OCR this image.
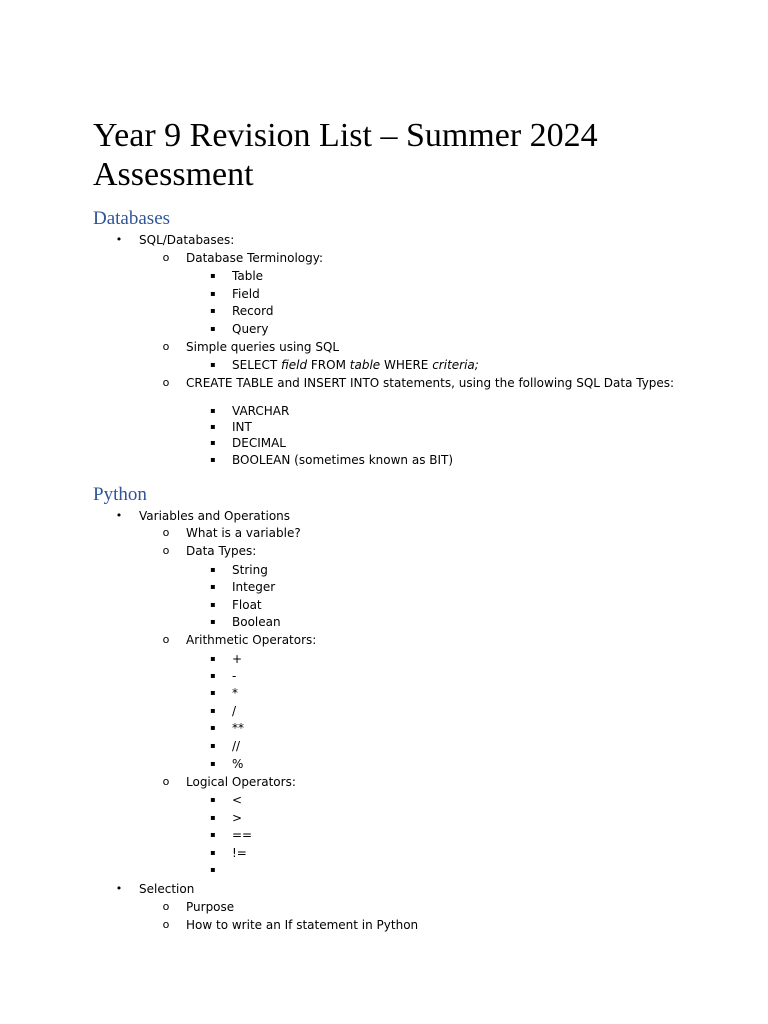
Year 9 Revision List – Summer 2024 Assessment
Databases
• SQL/Databases:
o Database Terminology:
▪ Table
▪ Field
▪ Record
▪ Query
o Simple queries using SQL
▪ SELECT field FROM table WHERE criteria;
o CREATE TABLE and INSERT INTO statements, using the following SQL Data Types:
▪ VARCHAR
▪ INT
▪ DECIMAL
▪ BOOLEAN (sometimes known as BIT)
Python
• Variables and Operations
o What is a variable?
o Data Types:
▪ String
▪ Integer
▪ Float
▪ Boolean
o Arithmetic Operators:
▪ +
▪ -
▪ *
▪ /
▪ **
▪ //
▪ %
o Logical Operators:
▪ <
▪ >
▪ ==
▪ !=
▪
• Selection
o Purpose
o How to write an If statement in Python
